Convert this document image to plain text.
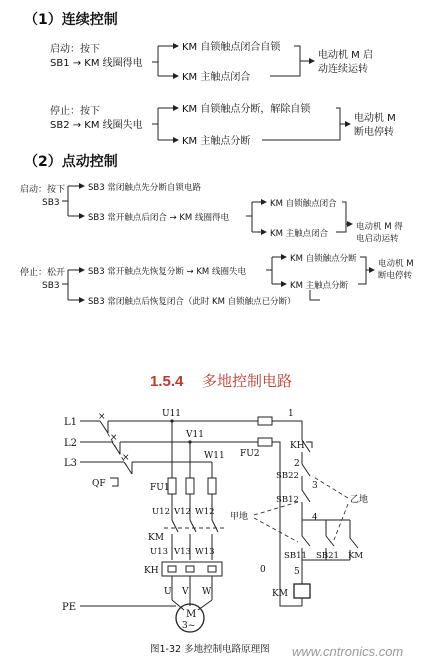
（1）连续控制
启动：按下
SB1 → KM 线圈得电
KM 自锁触点闭合自锁
KM 主触点闭合
电动机 M 启
动连续运转
停止：按下
SB2 → KM 线圈失电
KM 自锁触点分断，解除自锁
KM 主触点分断
电动机 M
断电停转
（2）点动控制
启动：按下
SB3
SB3 常闭触点先分断自锁电路
SB3 常开触点后闭合 → KM 线圈得电
KM 自锁触点闭合
KM 主触点闭合
电动机 M 得
电启动运转
停止：松开
SB3
SB3 常开触点先恢复分断 → KM 线圈失电
SB3 常闭触点后恢复闭合（此时 KM 自锁触点已分断）
KM 自锁触点分断
KM 主触点分断
电动机 M
断电停转
1.5.4 多地控制电路
L1
L2
L3
×
×
×
QF
U11
V11
W11
FU1
U12 V12 W12
KM
U13 V13 W13
KH
U V W
M
3~
PE
FU2
1
KH
2
SB22
3
SB12
4
SB11 SB21 KM
5
KM
0
甲地
乙地
图1-32 多地控制电路原理图 www.cntronics.com
